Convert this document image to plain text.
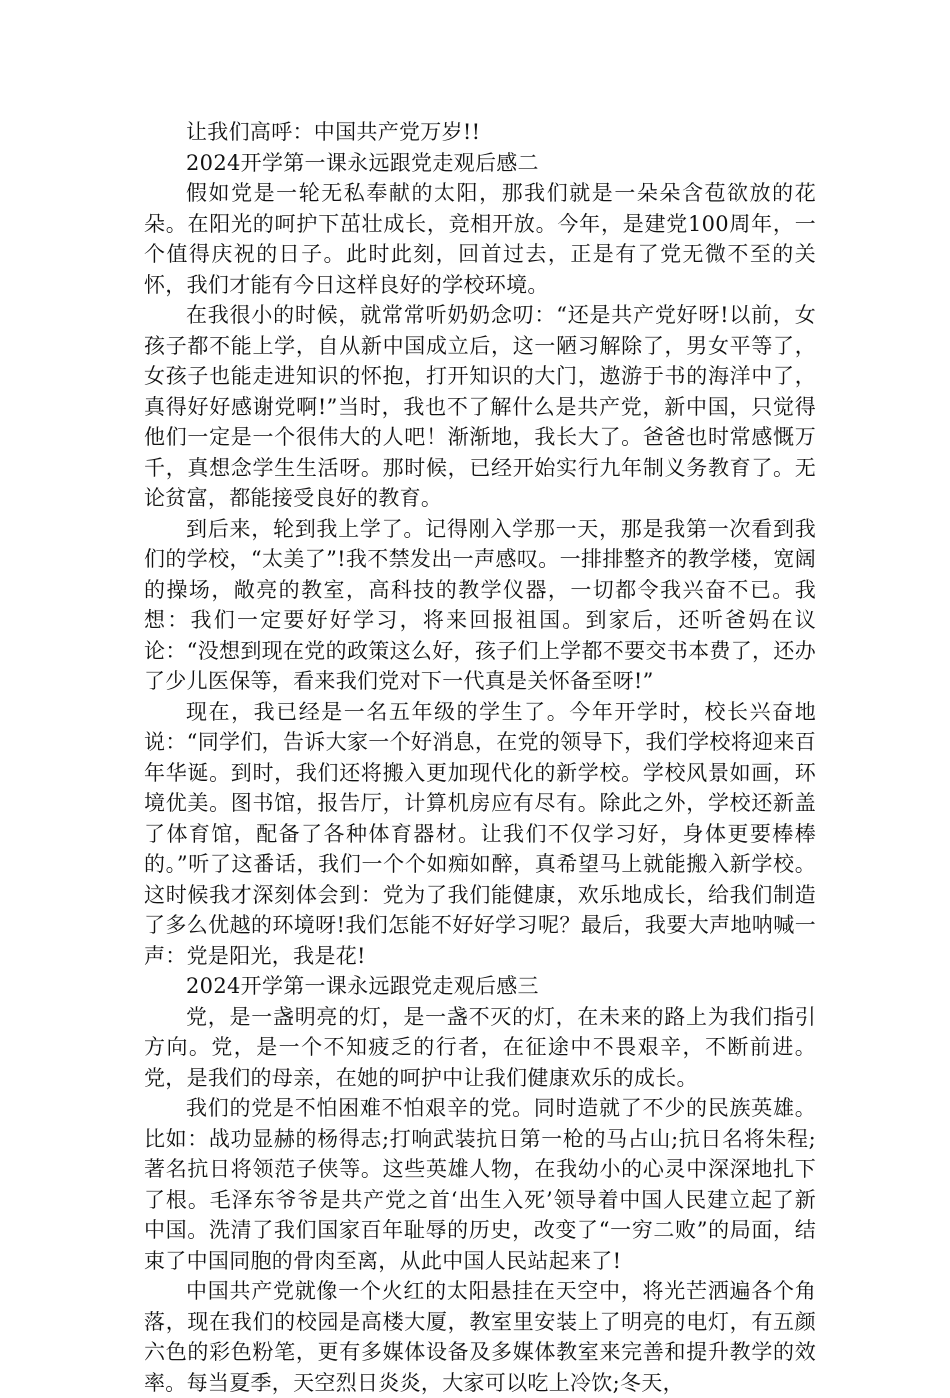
让我们高呼：中国共产党万岁!!

2024开学第一课永远跟党走观后感二

假如党是一轮无私奉献的太阳，那我们就是一朵朵含苞欲放的花朵。在阳光的呵护下茁壮成长，竞相开放。今年，是建党100周年，一个值得庆祝的日子。此时此刻，回首过去，正是有了党无微不至的关怀，我们才能有今日这样良好的学校环境。

在我很小的时候，就常常听奶奶念叨：“还是共产党好呀!以前，女孩子都不能上学，自从新中国成立后，这一陋习解除了，男女平等了，女孩子也能走进知识的怀抱，打开知识的大门，遨游于书的海洋中了，真得好好感谢党啊!”当时，我也不了解什么是共产党，新中国，只觉得他们一定是一个很伟大的人吧！渐渐地，我长大了。爸爸也时常感慨万千，真想念学生生活呀。那时候，已经开始实行九年制义务教育了。无论贫富，都能接受良好的教育。

到后来，轮到我上学了。记得刚入学那一天，那是我第一次看到我们的学校，“太美了”!我不禁发出一声感叹。一排排整齐的教学楼，宽阔的操场，敞亮的教室，高科技的教学仪器，一切都令我兴奋不已。我想：我们一定要好好学习，将来回报祖国。到家后，还听爸妈在议论：“没想到现在党的政策这么好，孩子们上学都不要交书本费了，还办了少儿医保等，看来我们党对下一代真是关怀备至呀!”

现在，我已经是一名五年级的学生了。今年开学时，校长兴奋地说：“同学们，告诉大家一个好消息，在党的领导下，我们学校将迎来百年华诞。到时，我们还将搬入更加现代化的新学校。学校风景如画，环境优美。图书馆，报告厅，计算机房应有尽有。除此之外，学校还新盖了体育馆，配备了各种体育器材。让我们不仅学习好，身体更要棒棒的。”听了这番话，我们一个个如痴如醉，真希望马上就能搬入新学校。这时候我才深刻体会到：党为了我们能健康，欢乐地成长，给我们制造了多么优越的环境呀!我们怎能不好好学习呢？最后，我要大声地呐喊一声：党是阳光，我是花!

2024开学第一课永远跟党走观后感三

党，是一盏明亮的灯，是一盏不灭的灯，在未来的路上为我们指引方向。党，是一个不知疲乏的行者，在征途中不畏艰辛，不断前进。党，是我们的母亲，在她的呵护中让我们健康欢乐的成长。

我们的党是不怕困难不怕艰辛的党。同时造就了不少的民族英雄。比如：战功显赫的杨得志;打响武装抗日第一枪的马占山;抗日名将朱程;著名抗日将领范子侠等。这些英雄人物，在我幼小的心灵中深深地扎下了根。毛泽东爷爷是共产党之首‘出生入死’领导着中国人民建立起了新中国。洗清了我们国家百年耻辱的历史，改变了“一穷二败”的局面，结束了中国同胞的骨肉至离，从此中国人民站起来了!

中国共产党就像一个火红的太阳悬挂在天空中，将光芒洒遍各个角落，现在我们的校园是高楼大厦，教室里安装上了明亮的电灯，有五颜六色的彩色粉笔，更有多媒体设备及多媒体教室来完善和提升教学的效率。每当夏季，天空烈日炎炎，大家可以吃上冷饮;冬天，
